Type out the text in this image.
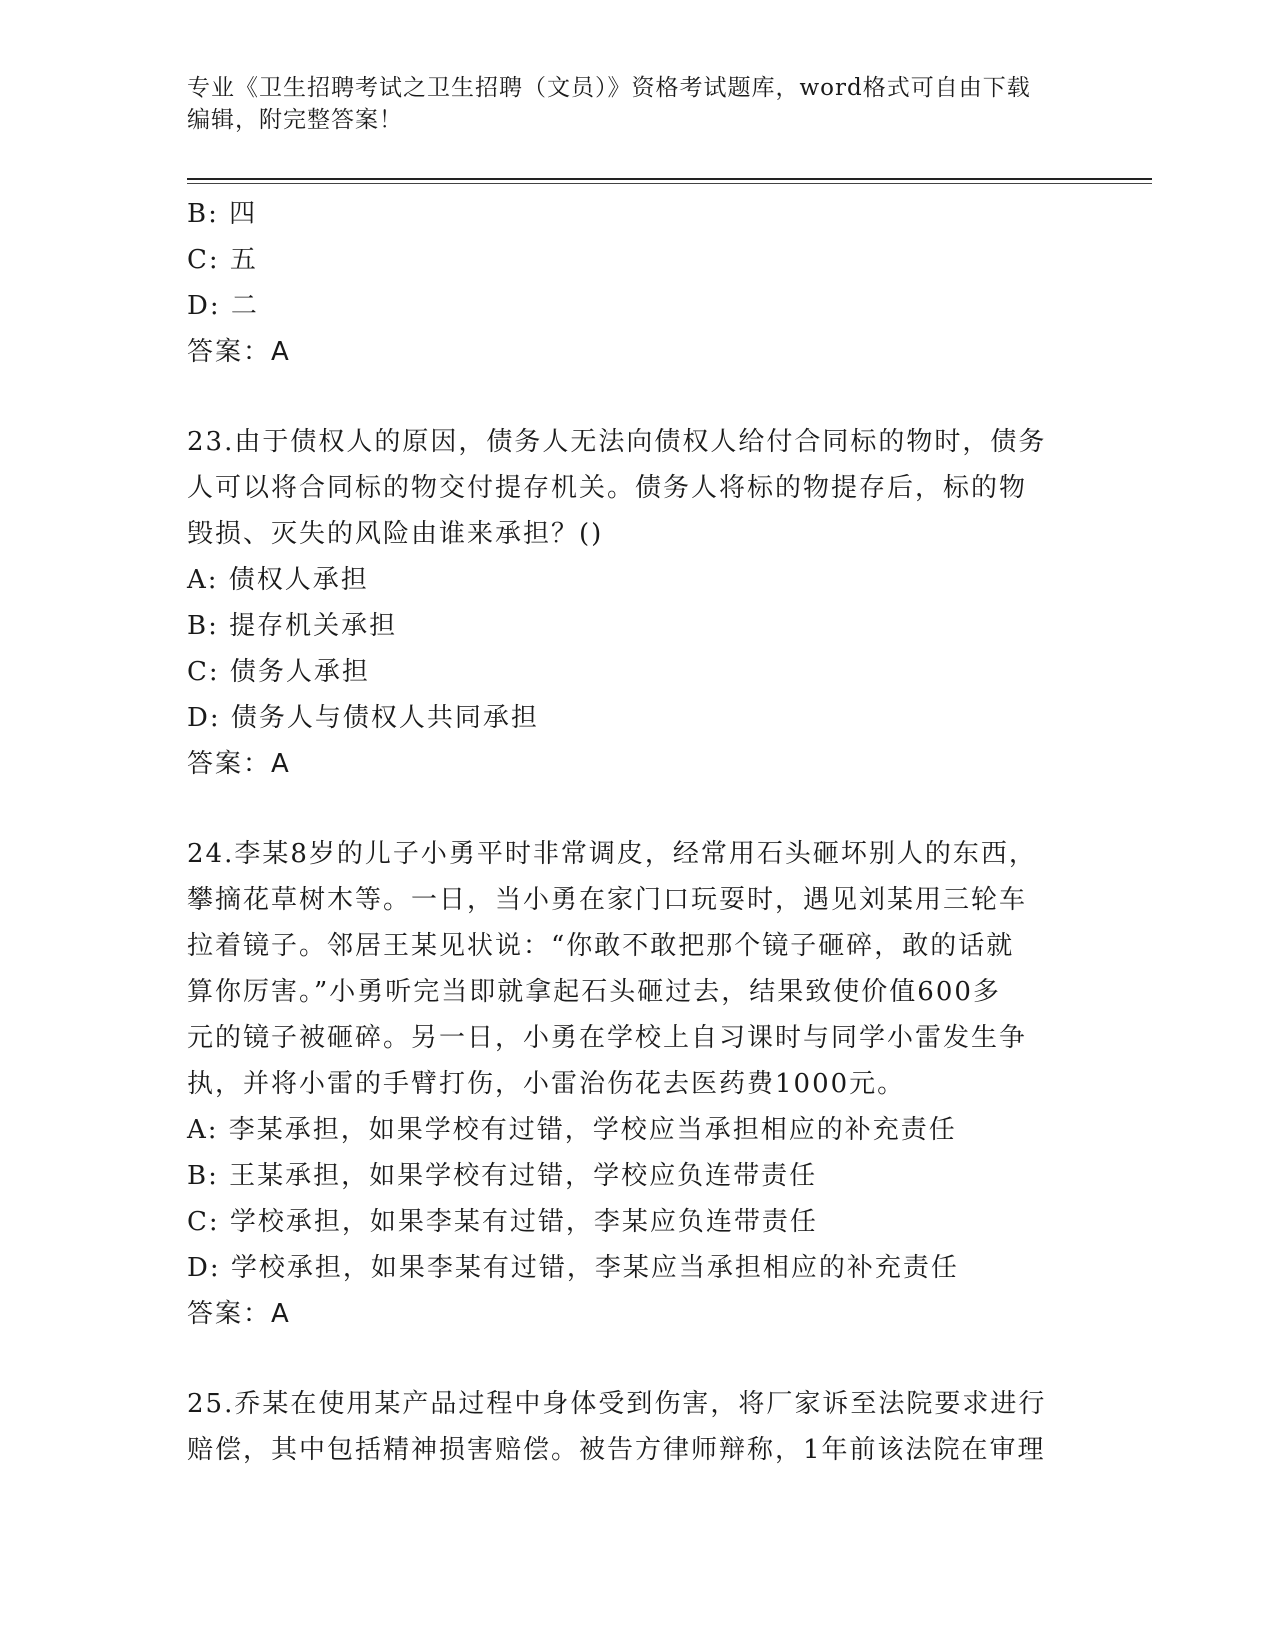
专业《卫生招聘考试之卫生招聘（文员）》资格考试题库，word格式可自由下载
编辑，附完整答案！
B: 四
C: 五
D: 二
答案：A
23.由于债权人的原因，债务人无法向债权人给付合同标的物时，债务
人可以将合同标的物交付提存机关。债务人将标的物提存后，标的物
毁损、灭失的风险由谁来承担？()
A: 债权人承担
B: 提存机关承担
C: 债务人承担
D: 债务人与债权人共同承担
答案：A
24.李某8岁的儿子小勇平时非常调皮，经常用石头砸坏别人的东西，
攀摘花草树木等。一日，当小勇在家门口玩耍时，遇见刘某用三轮车
拉着镜子。邻居王某见状说：“你敢不敢把那个镜子砸碎，敢的话就
算你厉害。”小勇听完当即就拿起石头砸过去，结果致使价值600多
元的镜子被砸碎。另一日，小勇在学校上自习课时与同学小雷发生争
执，并将小雷的手臂打伤，小雷治伤花去医药费1000元。
A: 李某承担，如果学校有过错，学校应当承担相应的补充责任
B: 王某承担，如果学校有过错，学校应负连带责任
C: 学校承担，如果李某有过错，李某应负连带责任
D: 学校承担，如果李某有过错，李某应当承担相应的补充责任
答案：A
25.乔某在使用某产品过程中身体受到伤害，将厂家诉至法院要求进行
赔偿，其中包括精神损害赔偿。被告方律师辩称，1年前该法院在审理
